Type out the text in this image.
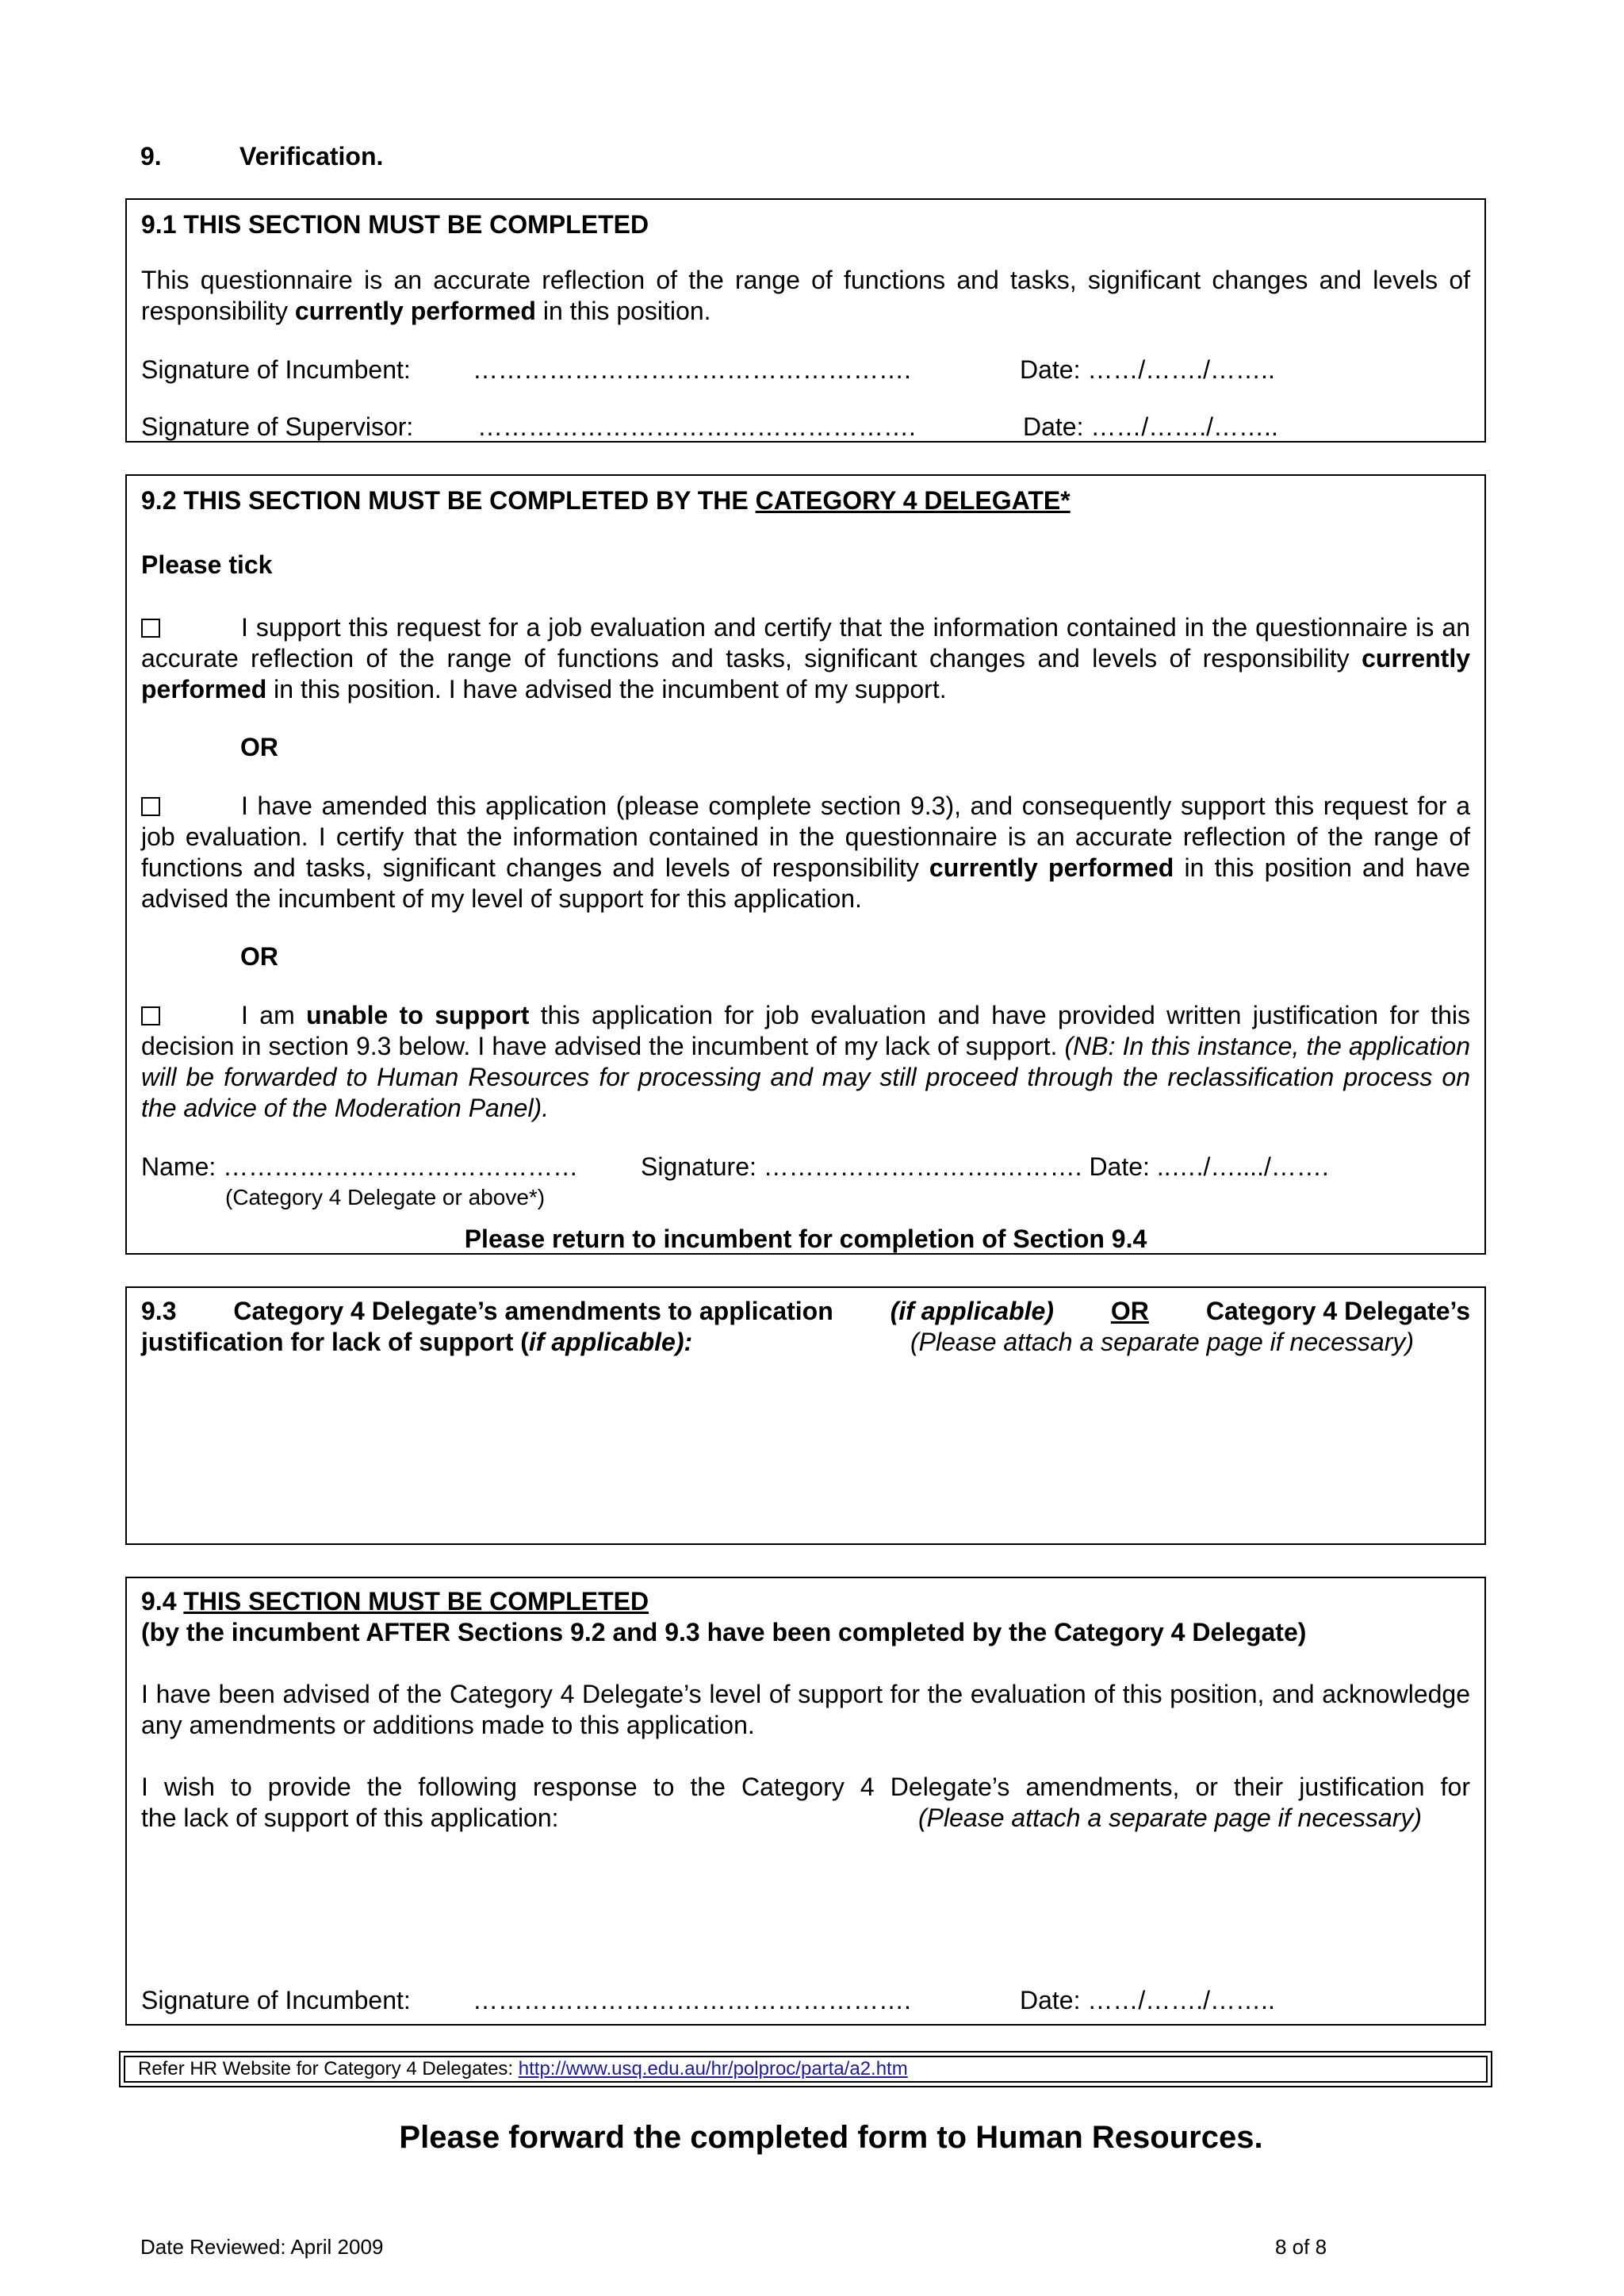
9.	Verification.
9.1 THIS SECTION MUST BE COMPLETED
This questionnaire is an accurate reflection of the range of functions and tasks, significant changes and levels of responsibility currently performed in this position.
Signature of Incumbent: …………………………………………….	Date: ……/……./……..
Signature of Supervisor:	…………………………………………….	Date: ……/……./……..
9.2 THIS SECTION MUST BE COMPLETED BY THE CATEGORY 4 DELEGATE*
Please tick
I support this request for a job evaluation and certify that the information contained in the questionnaire is an accurate reflection of the range of functions and tasks, significant changes and levels of responsibility currently performed in this position. I have advised the incumbent of my support.
OR
I have amended this application (please complete section 9.3), and consequently support this request for a job evaluation. I certify that the information contained in the questionnaire is an accurate reflection of the range of functions and tasks, significant changes and levels of responsibility currently performed in this position and have advised the incumbent of my level of support for this application.
OR
I am unable to support this application for job evaluation and have provided written justification for this decision in section 9.3 below. I have advised the incumbent of my lack of support. (NB: In this instance, the application will be forwarded to Human Resources for processing and may still proceed through the reclassification process on the advice of the Moderation Panel).
Name: …………………………………… Signature: ……………………….………. Date: ..…./…..../…….
(Category 4 Delegate or above*)
Please return to incumbent for completion of Section 9.4
9.3 Category 4 Delegate’s amendments to application (if applicable) OR Category 4 Delegate’s
justification for lack of support (if applicable):	(Please attach a separate page if necessary)
9.4 THIS SECTION MUST BE COMPLETED
(by the incumbent AFTER Sections 9.2 and 9.3 have been completed by the Category 4 Delegate)
I have been advised of the Category 4 Delegate’s level of support for the evaluation of this position, and acknowledge any amendments or additions made to this application.
I wish to provide the following response to the Category 4 Delegate’s amendments, or their justification for
the lack of support of this application:	(Please attach a separate page if necessary)
Signature of Incumbent: …………………………………………….	Date: ……/……./……..
Refer HR Website for Category 4 Delegates: http://www.usq.edu.au/hr/polproc/parta/a2.htm
Please forward the completed form to Human Resources.
Date Reviewed: April 2009	8 of 8
